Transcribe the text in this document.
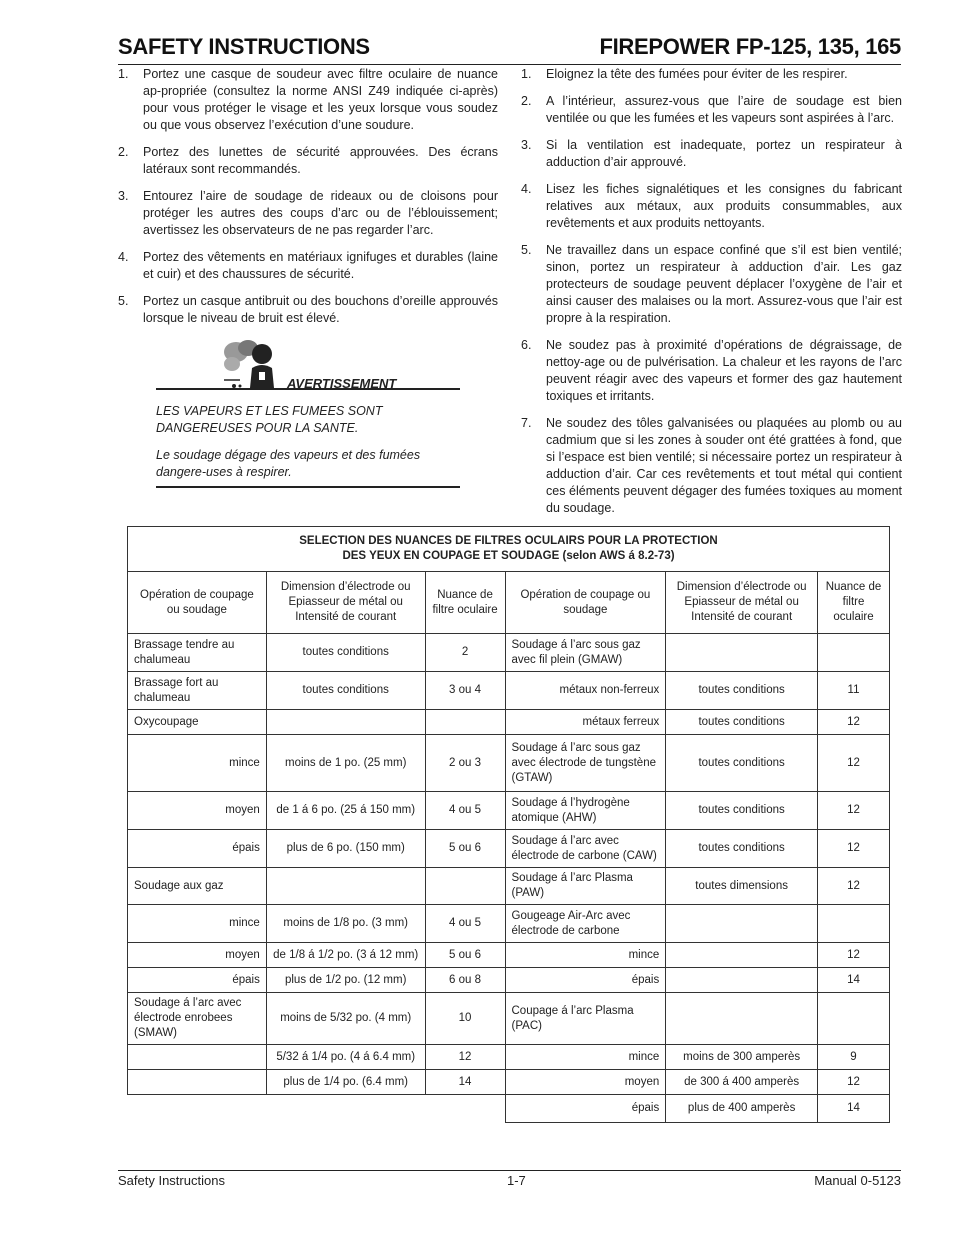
SAFETY INSTRUCTIONS	FIREPOWER FP-125, 135, 165
1. Portez une casque de soudeur avec filtre oculaire de nuance ap-propriée (consultez la norme ANSI Z49 indiquée ci-après) pour vous protéger le visage et les yeux lorsque vous soudez ou que vous observez l’exécution d’une soudure.
2. Portez des lunettes de sécurité approuvées. Des écrans latéraux sont recommandés.
3. Entourez l’aire de soudage de rideaux ou de cloisons pour protéger les autres des coups d’arc ou de l’éblouissement; avertissez les observateurs de ne pas regarder l’arc.
4. Portez des vêtements en matériaux ignifuges et durables (laine et cuir) et des chaussures de sécurité.
5. Portez un casque antibruit ou des bouchons d’oreille approuvés lorsque le niveau de bruit est élevé.
AVERTISSEMENT

LES VAPEURS ET LES FUMEES SONT DANGEREUSES POUR LA SANTE.

Le soudage dégage des vapeurs et des fumées dangere-uses à respirer.

1. Eloignez la tête des fumées pour éviter de les respirer.
2. A l’intérieur, assurez-vous que l’aire de soudage est bien ventilée ou que les fumées et les vapeurs sont aspirées à l’arc.
3. Si la ventilation est inadequate, portez un respirateur à adduction d’air approuvé.
4. Lisez les fiches signalétiques et les consignes du fabricant relatives aux métaux, aux produits consummables, aux revêtements et aux produits nettoyants.
5. Ne travaillez dans un espace confiné que s’il est bien ventilé; sinon, portez un respirateur à adduction d’air. Les gaz protecteurs de soudage peuvent déplacer l’oxygène de l’air et ainsi causer des malaises ou la mort. Assurez-vous que l’air est propre à la respiration.
6. Ne soudez pas à proximité d’opérations de dégraissage, de nettoy-age ou de pulvérisation. La chaleur et les rayons de l’arc peuvent réagir avec des vapeurs et former des gaz hautement toxiques et irritants.
7. Ne soudez des tôles galvanisées ou plaquées au plomb ou au cadmium que si les zones à souder ont été grattées à fond, que si l’espace est bien ventilé; si nécessaire portez un respirateur à adduction d’air. Car ces revêtements et tout métal qui contient ces éléments peuvent dégager des fumées toxiques au moment du soudage.
SELECTION DES NUANCES DE FILTRES OCULAIRS POUR LA PROTECTION
DES YEUX EN COUPAGE ET SOUDAGE (selon AWS á 8.2-73)					

Opération de coupage ou soudage	Dimension d’électrode ou Epiasseur de métal ou Intensité de courant	Nuance de filtre oculaire	Opération de coupage ou soudage	Dimension d’électrode ou Epiasseur de métal ou Intensité de courant	Nuance de filtre oculaire
Brassage tendre au chalumeau	toutes conditions	2	Soudage á l’arc sous gaz avec fil plein (GMAW)		
Brassage fort au chalumeau	toutes conditions	3 ou 4	métaux non-ferreux	toutes conditions	11
Oxycoupage			métaux ferreux	toutes conditions	12
mince	moins de 1 po. (25 mm)	2 ou 3	Soudage á l’arc sous gaz avec électrode de tungstène (GTAW)	toutes conditions	12
moyen	de 1 á 6 po. (25 á 150 mm)	4 ou 5	Soudage á l’hydrogène atomique (AHW)	toutes conditions	12
épais	plus de 6 po. (150 mm)	5 ou 6	Soudage á l’arc avec électrode de carbone (CAW)	toutes conditions	12
Soudage aux gaz			Soudage á l’arc Plasma (PAW)	toutes dimensions	12
mince	moins de 1/8 po. (3 mm)	4 ou 5	Gougeage Air-Arc avec électrode de carbone		
moyen	de 1/8 á 1/2 po. (3 á 12 mm)	5 ou 6	mince		12
épais	plus de 1/2 po. (12 mm)	6 ou 8	épais		14
Soudage á l’arc avec électrode enrobees (SMAW)	moins de 5/32 po. (4 mm)	10	Coupage á l’arc Plasma (PAC)		
	5/32 á 1/4 po. (4 á 6.4 mm)	12	mince	moins de 300 amperès	9
	plus de 1/4 po. (6.4 mm)	14	moyen	de 300 á 400 amperès	12
			épais	plus de 400 amperès	14
Safety Instructions	1-7	Manual 0-5123
